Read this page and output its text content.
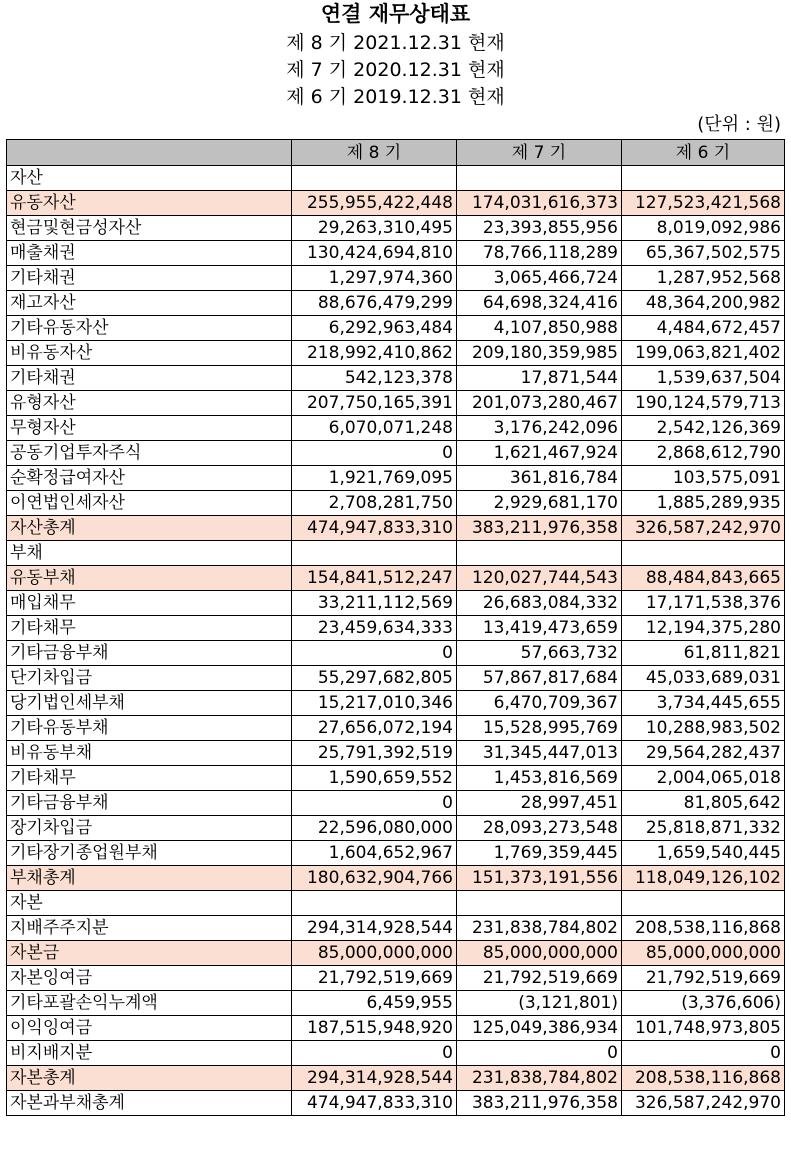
연결 재무상태표
제 8 기 2021.12.31 현재
제 7 기 2020.12.31 현재
제 6 기 2019.12.31 현재
(단위 : 원)
	제 8 기	제 7 기	제 6 기
자산			
유동자산	255,955,422,448	174,031,616,373	127,523,421,568
현금및현금성자산	29,263,310,495	23,393,855,956	8,019,092,986
매출채권	130,424,694,810	78,766,118,289	65,367,502,575
기타채권	1,297,974,360	3,065,466,724	1,287,952,568
재고자산	88,676,479,299	64,698,324,416	48,364,200,982
기타유동자산	6,292,963,484	4,107,850,988	4,484,672,457
비유동자산	218,992,410,862	209,180,359,985	199,063,821,402
기타채권	542,123,378	17,871,544	1,539,637,504
유형자산	207,750,165,391	201,073,280,467	190,124,579,713
무형자산	6,070,071,248	3,176,242,096	2,542,126,369
공동기업투자주식	0	1,621,467,924	2,868,612,790
순확정급여자산	1,921,769,095	361,816,784	103,575,091
이연법인세자산	2,708,281,750	2,929,681,170	1,885,289,935
자산총계	474,947,833,310	383,211,976,358	326,587,242,970
부채			
유동부채	154,841,512,247	120,027,744,543	88,484,843,665
매입채무	33,211,112,569	26,683,084,332	17,171,538,376
기타채무	23,459,634,333	13,419,473,659	12,194,375,280
기타금융부채	0	57,663,732	61,811,821
단기차입금	55,297,682,805	57,867,817,684	45,033,689,031
당기법인세부채	15,217,010,346	6,470,709,367	3,734,445,655
기타유동부채	27,656,072,194	15,528,995,769	10,288,983,502
비유동부채	25,791,392,519	31,345,447,013	29,564,282,437
기타채무	1,590,659,552	1,453,816,569	2,004,065,018
기타금융부채	0	28,997,451	81,805,642
장기차입금	22,596,080,000	28,093,273,548	25,818,871,332
기타장기종업원부채	1,604,652,967	1,769,359,445	1,659,540,445
부채총계	180,632,904,766	151,373,191,556	118,049,126,102
자본			
지배주주지분	294,314,928,544	231,838,784,802	208,538,116,868
자본금	85,000,000,000	85,000,000,000	85,000,000,000
자본잉여금	21,792,519,669	21,792,519,669	21,792,519,669
기타포괄손익누계액	6,459,955	(3,121,801)	(3,376,606)
이익잉여금	187,515,948,920	125,049,386,934	101,748,973,805
비지배지분	0	0	0
자본총계	294,314,928,544	231,838,784,802	208,538,116,868
자본과부채총계	474,947,833,310	383,211,976,358	326,587,242,970
